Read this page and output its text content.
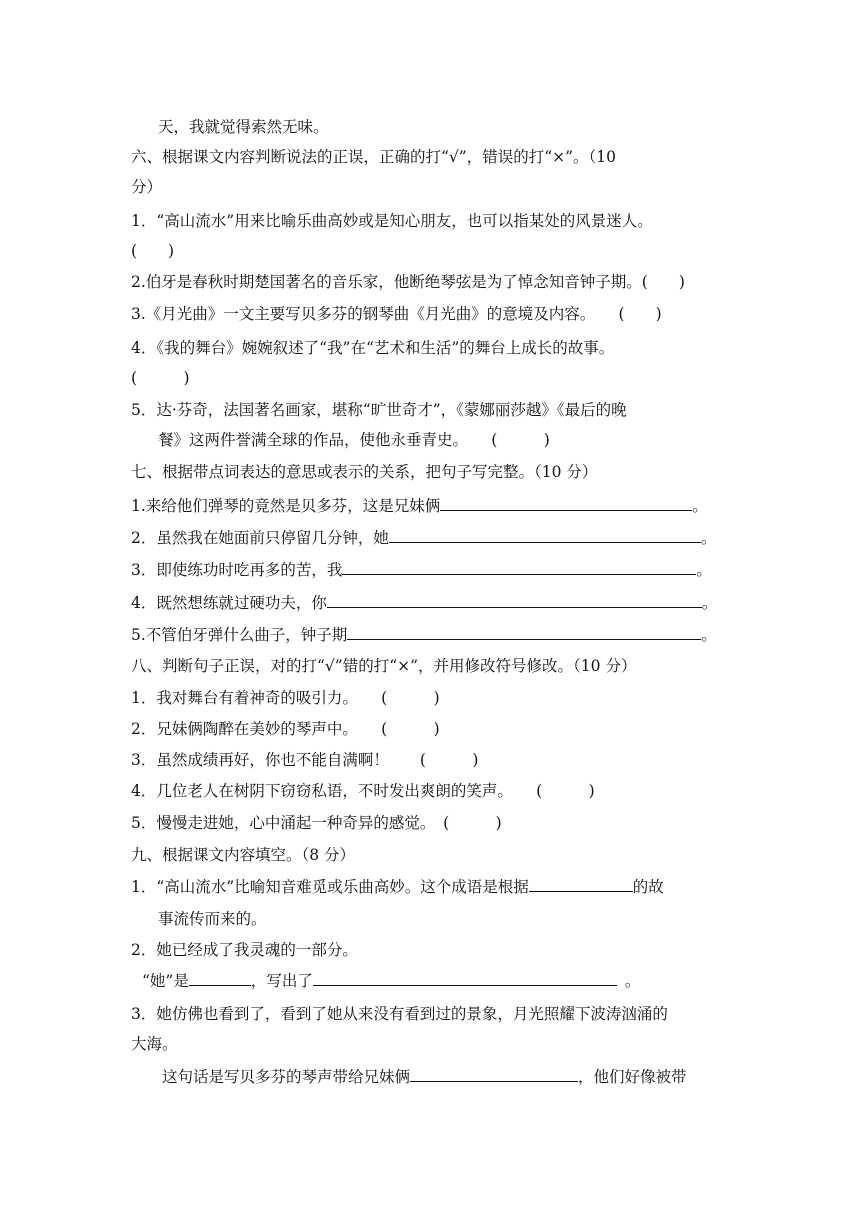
天，我就觉得索然无味。
六、根据课文内容判断说法的正误，正确的打“√”，错误的打“×”。（10
分）
1．“高山流水”用来比喻乐曲高妙或是知心朋友，也可以指某处的风景迷人。
(　　)
2.伯牙是春秋时期楚国著名的音乐家，他断绝琴弦是为了悼念知音钟子期。(　　)
3.《月光曲》一文主要写贝多芬的钢琴曲《月光曲》的意境及内容。　　(　　)
4．《我的舞台》婉婉叙述了“我”在“艺术和生活”的舞台上成长的故事。
(　　　)
5．达·芬奇，法国著名画家，堪称“旷世奇才”，《蒙娜丽莎越》《最后的晚
餐》这两件誉满全球的作品，使他永垂青史。　　(　　　)
七、根据带点词表达的意思或表示的关系，把句子写完整。（10 分）
1.来给他们弹琴的竟然是贝多芬，这是兄妹俩	。
2．虽然我在她面前只停留几分钟，她	。
3．即使练功时吃再多的苦，我	。
4．既然想练就过硬功夫，你	。
5.不管伯牙弹什么曲子，钟子期	。
八、判断句子正误，对的打“√”错的打“×”，并用修改符号修改。（10 分）
1．我对舞台有着神奇的吸引力。　　(　　　)
2．兄妹俩陶醉在美妙的琴声中。　　(　　　)
3．虽然成绩再好，你也不能自满啊！　　(　　　)
4．几位老人在树阴下窃窃私语，不时发出爽朗的笑声。　　(　　　)
5．慢慢走进她，心中涌起一种奇异的感觉。　(　　　)
九、根据课文内容填空。（8 分）
1．“高山流水”比喻知音难觅或乐曲高妙。这个成语是根据	的故
事流传而来的。
2．她已经成了我灵魂的一部分。
“她”是	，写出了	。
3．她仿佛也看到了，看到了她从来没有看到过的景象，月光照耀下波涛汹涌的
大海。
这句话是写贝多芬的琴声带给兄妹俩	，他们好像被带
